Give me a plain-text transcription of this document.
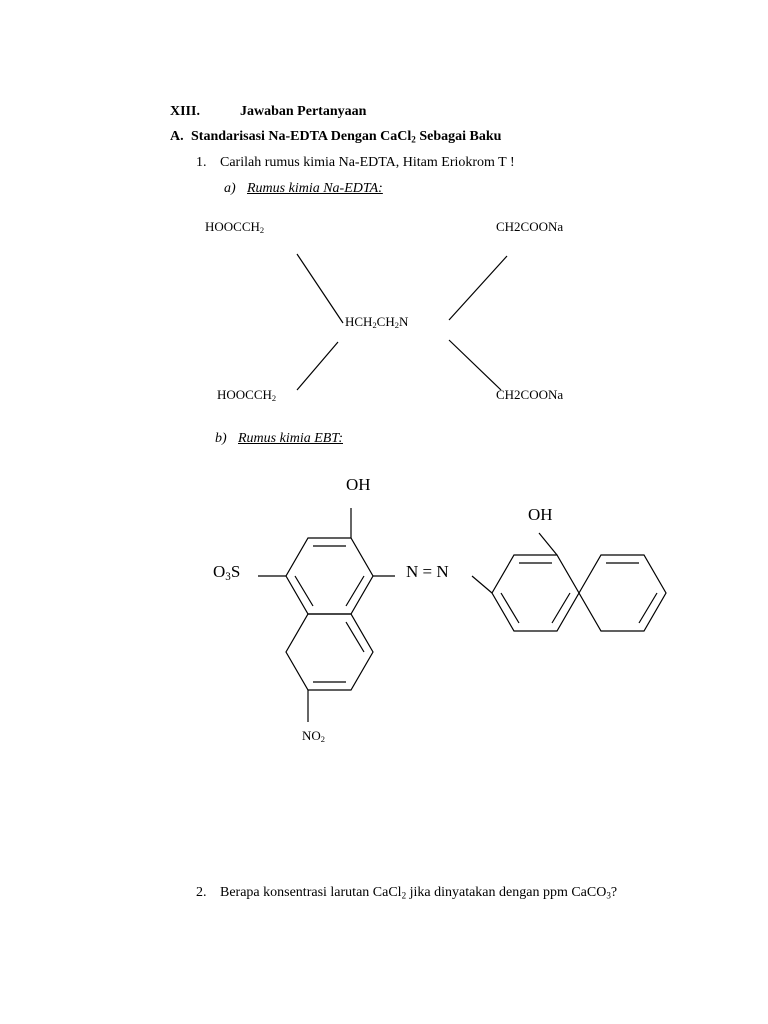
XIII.	Jawaban Pertanyaan
A. Standarisasi Na-EDTA Dengan CaCl$_2$ Sebagai Baku
1. Carilah rumus kimia Na-EDTA, Hitam Eriokrom T !
a) Rumus kimia Na-EDTA:
$HOOCCH_2$	CH2COONa
$HCH_2CH_2N$
$HOOCCH_2$	CH2COONa
b) Rumus kimia EBT:
OH
OH
$O_3S$	N = N
$NO_2$
2. Berapa konsentrasi larutan CaCl$_2$ jika dinyatakan dengan ppm CaCO$_3$?
